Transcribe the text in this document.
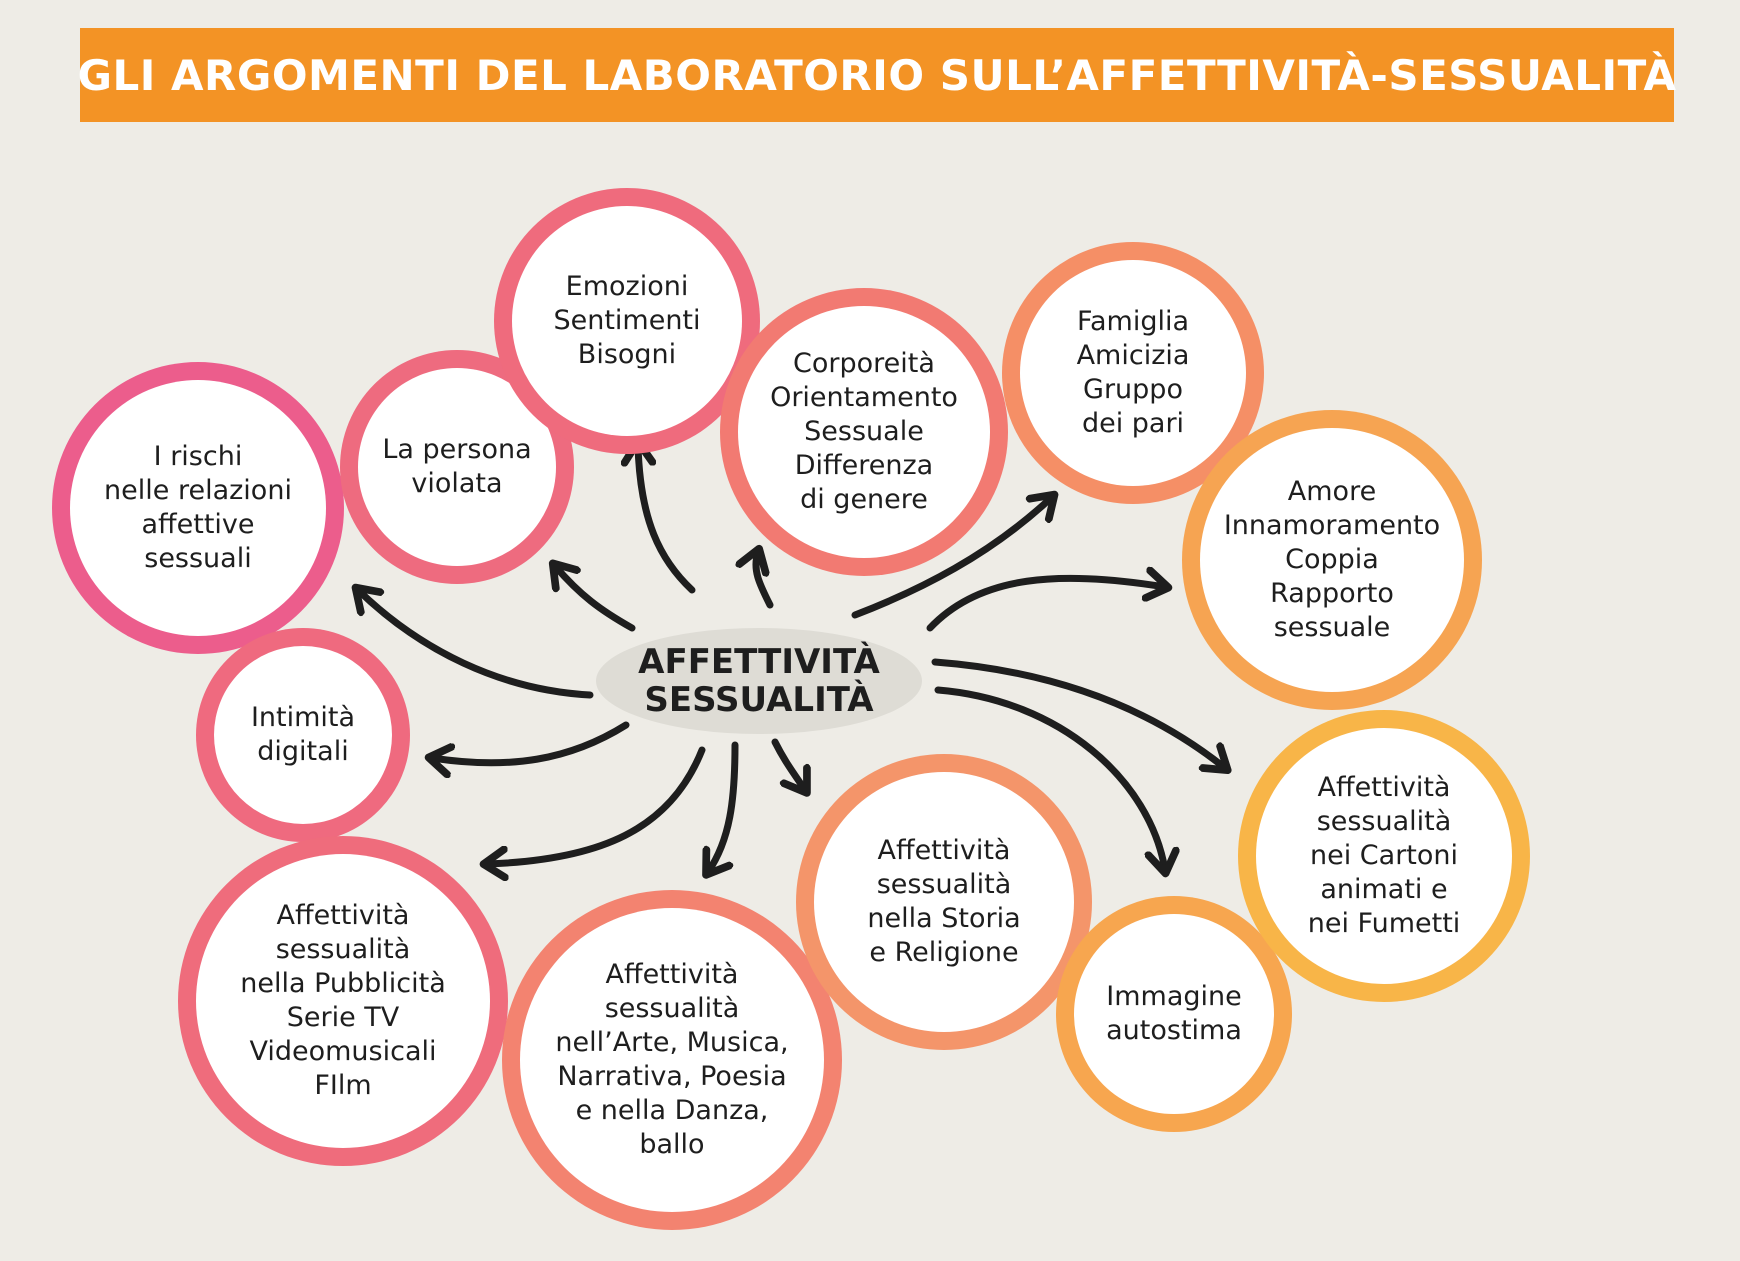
GLI ARGOMENTI DEL LABORATORIO SULL’AFFETTIVITÀ-SESSUALITÀ
I rischi
nelle relazioni
affettive
sessuali
La persona
violata
Emozioni
Sentimenti
Bisogni	Corporeità
Orientamento
Sessuale
Differenza
di genere
Famiglia
Amicizia
Gruppo
dei pari
Amore
Innamoramento
Coppia
Rapporto
sessuale
Intimità
digitali
Affettività
sessualità
nella Pubblicità
Serie TV
Videomusicali
FIlm
Affettività
sessualità
nell’Arte, Musica,
Narrativa, Poesia
e nella Danza,
ballo
Affettività
sessualità
nella Storia
e Religione
Immagine
autostima
Affettività
sessualità
nei Cartoni
animati e
nei Fumetti
AFFETTIVITÀ
SESSUALITÀ
